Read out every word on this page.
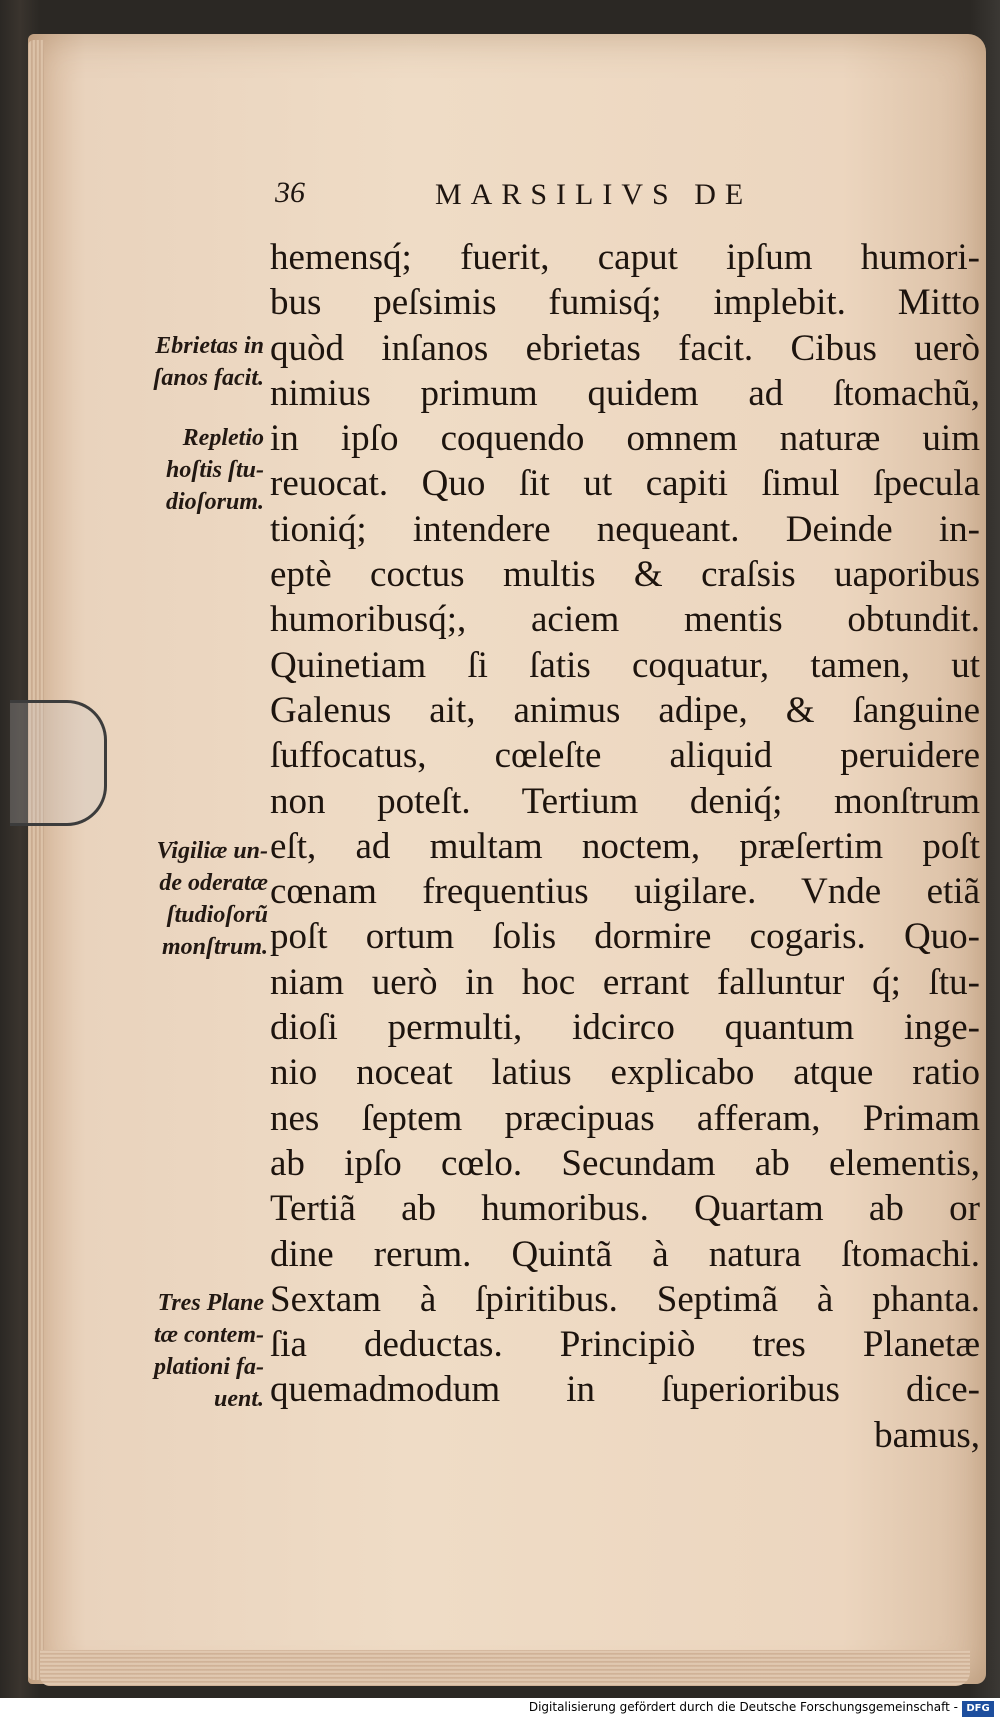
36	MARSILIVS DE
hemensq́; fuerit, caput ipſum humori-
bus peſsimis fumisq́; implebit. Mitto
quòd inſanos ebrietas facit. Cibus uerò
nimius primum quidem ad ſtomachũ,
in ipſo coquendo omnem naturæ uim
reuocat. Quo ſit ut capiti ſimul ſpecula
tioniq́; intendere nequeant. Deinde in-
eptè coctus multis & craſsis uaporibus
humoribusq́;, aciem mentis obtundit.
Quinetiam ſi ſatis coquatur, tamen, ut
Galenus ait, animus adipe, & ſanguine
ſuffocatus, cœleſte aliquid peruidere
non poteſt. Tertium deniq́; monſtrum
eſt, ad multam noctem, præſertim poſt
cœnam frequentius uigilare. Vnde etiã
poſt ortum ſolis dormire cogaris. Quo-
niam uerò in hoc errant falluntur q́; ſtu-
dioſi permulti, idcirco quantum inge-
nio noceat latius explicabo atque ratio
nes ſeptem præcipuas afferam, Primam
ab ipſo cœlo. Secundam ab elementis,
Tertiã ab humoribus. Quartam ab or
dine rerum. Quintã à natura ſtomachi.
Sextam à ſpiritibus. Septimã à phanta.
ſia deductas. Principiò tres Planetæ
quemadmodum in ſuperioribus dice-
bamus,
Ebrietas in
ſanos facit.
Repletio
hoſtis ſtu-
dioſorum.
Vigiliæ un-
de oderatæ
ſtudioſorũ
monſtrum.
Tres Plane
tæ contem-
plationi fa-
uent.
Digitalisierung gefördert durch die Deutsche Forschungsgemeinschaft - DFG
